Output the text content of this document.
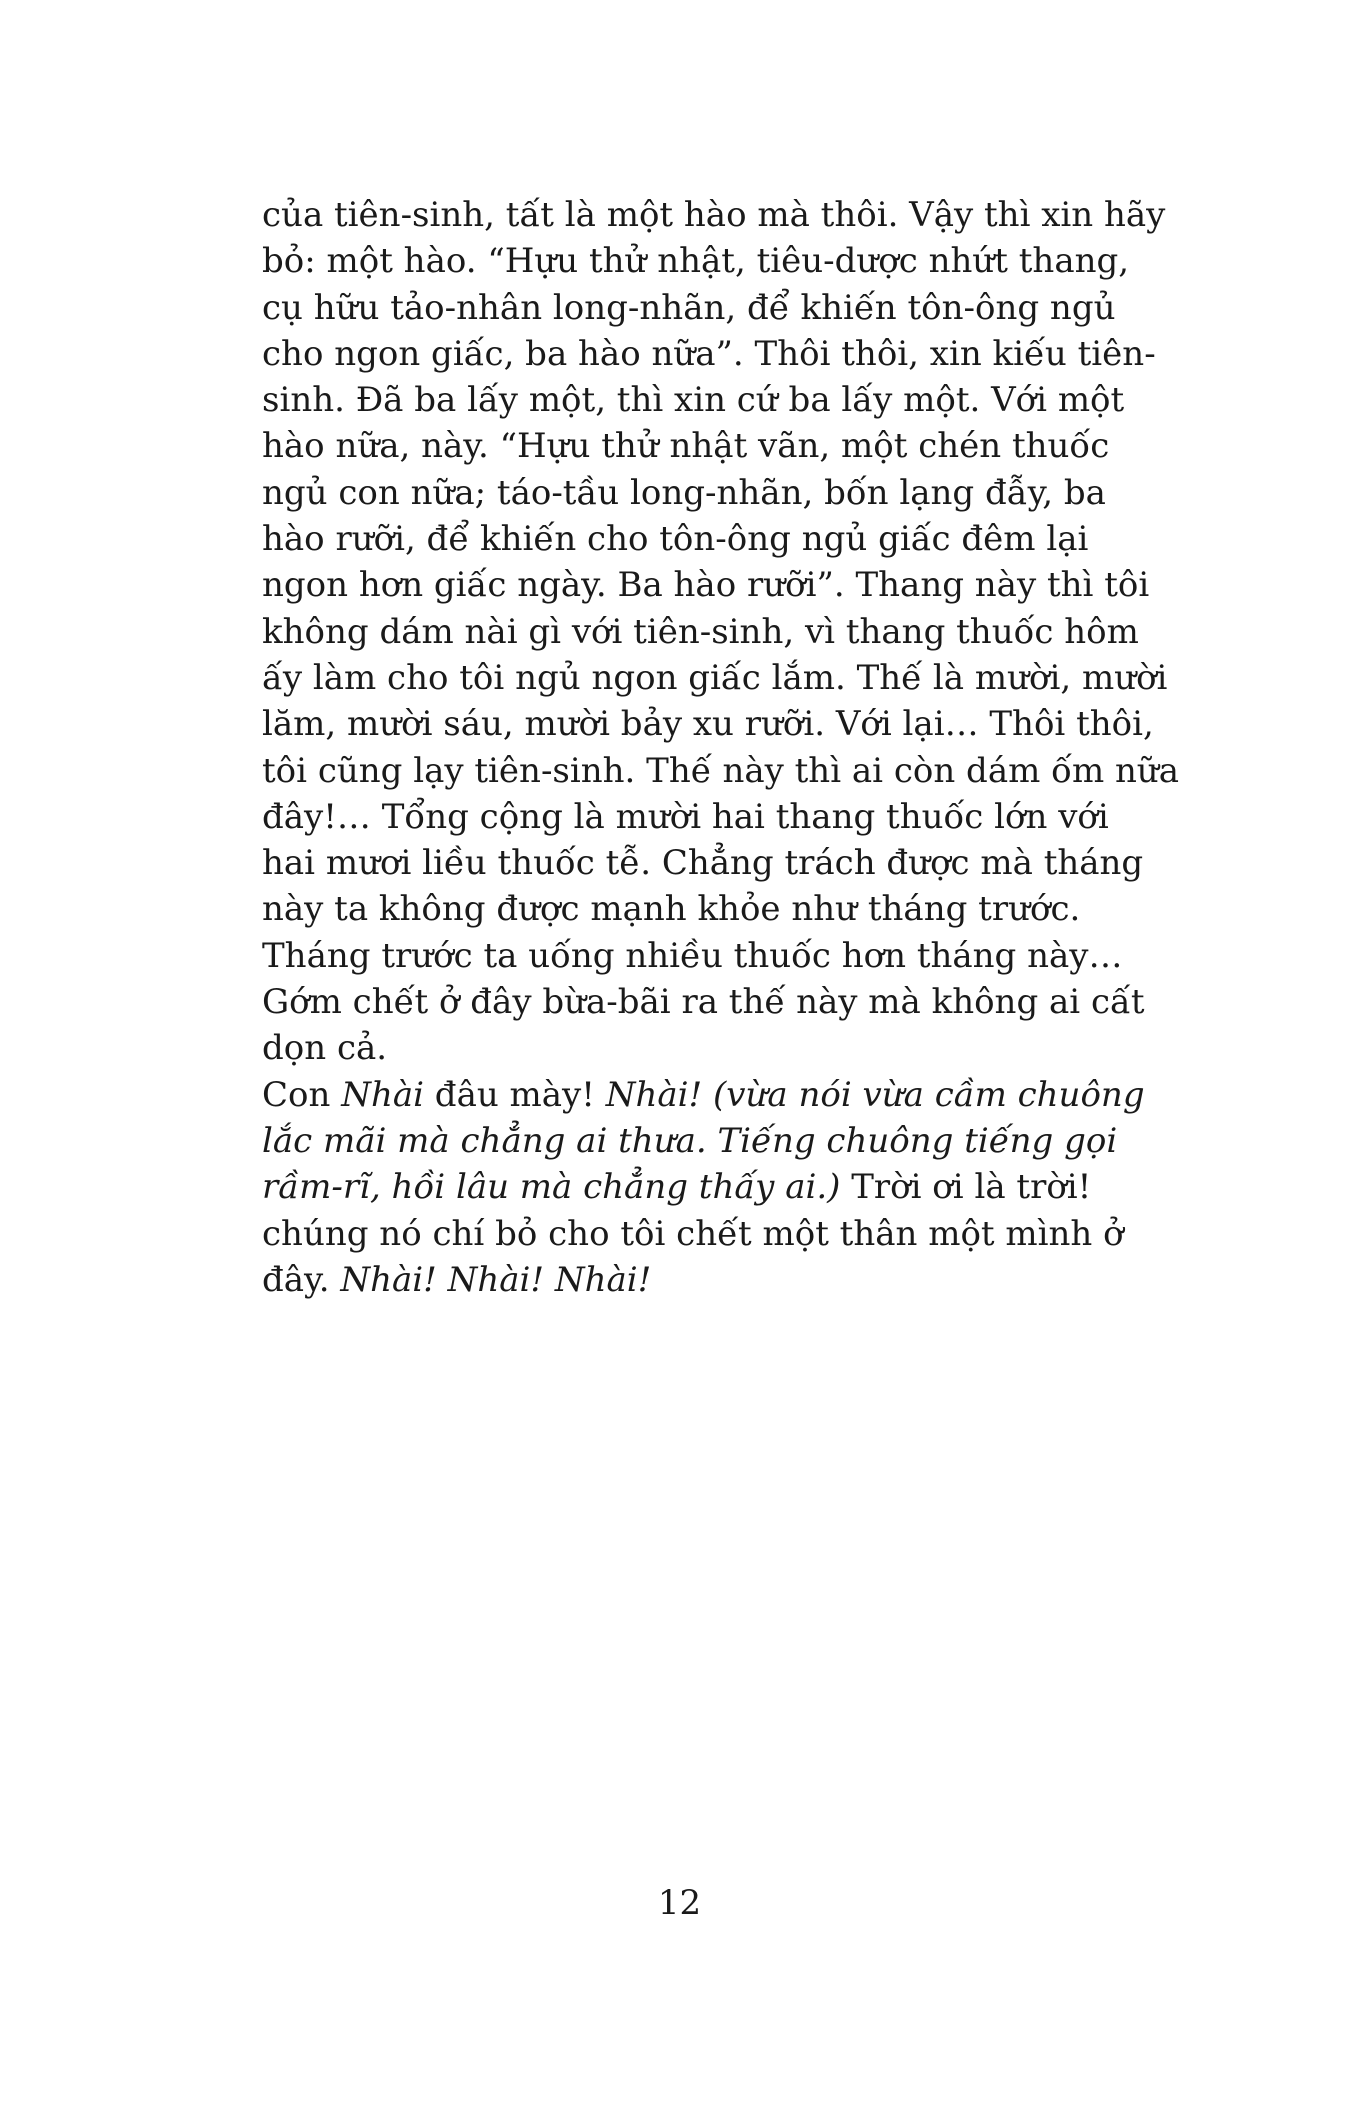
của tiên-sinh, tất là một hào mà thôi. Vậy thì xin hãy
bỏ: một hào. “Hựu thử nhật, tiêu-dược nhứt thang,
cụ hữu tảo-nhân long-nhãn, để khiến tôn-ông ngủ
cho ngon giấc, ba hào nữa”. Thôi thôi, xin kiếu tiên-
sinh. Đã ba lấy một, thì xin cứ ba lấy một. Với một
hào nữa, này. “Hựu thử nhật vãn, một chén thuốc
ngủ con nữa; táo-tầu long-nhãn, bốn lạng đẫy, ba
hào rưỡi, để khiến cho tôn-ông ngủ giấc đêm lại
ngon hơn giấc ngày. Ba hào rưỡi”. Thang này thì tôi
không dám nài gì với tiên-sinh, vì thang thuốc hôm
ấy làm cho tôi ngủ ngon giấc lắm. Thế là mười, mười
lăm, mười sáu, mười bảy xu rưỡi. Với lại… Thôi thôi,
tôi cũng lạy tiên-sinh. Thế này thì ai còn dám ốm nữa
đây!… Tổng cộng là mười hai thang thuốc lớn với
hai mươi liều thuốc tễ. Chẳng trách được mà tháng
này ta không được mạnh khỏe như tháng trước.
Tháng trước ta uống nhiều thuốc hơn tháng này…
Gớm chết ở đây bừa-bãi ra thế này mà không ai cất
dọn cả.
Con Nhài đâu mày! Nhài! (vừa nói vừa cầm chuông
lắc mãi mà chẳng ai thưa. Tiếng chuông tiếng gọi
rầm-rĩ, hồi lâu mà chẳng thấy ai.) Trời ơi là trời!
chúng nó chí bỏ cho tôi chết một thân một mình ở
đây. Nhài! Nhài! Nhài!
12
